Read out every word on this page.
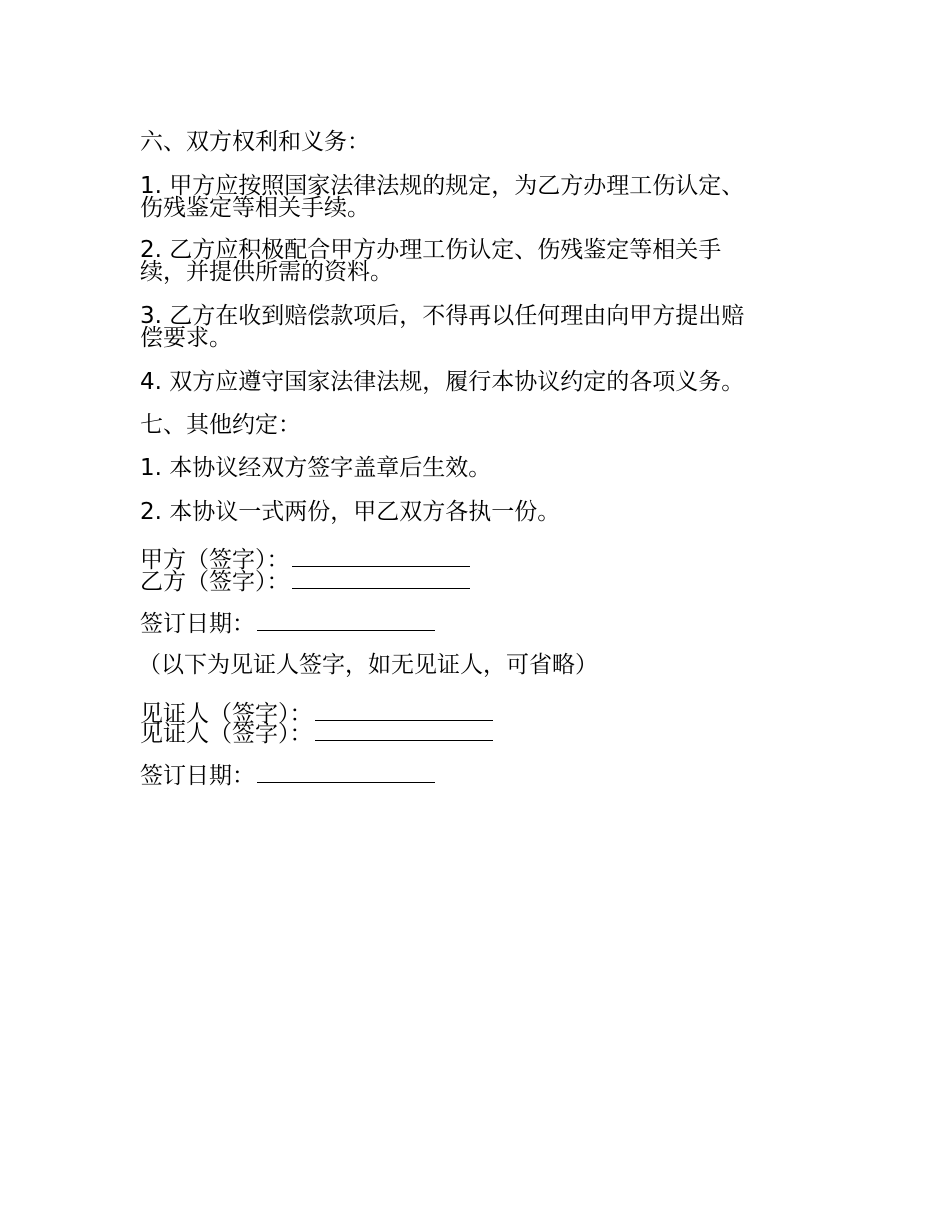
六、双方权利和义务：
1. 甲方应按照国家法律法规的规定，为乙方办理工伤认定、
伤残鉴定等相关手续。
2. 乙方应积极配合甲方办理工伤认定、伤残鉴定等相关手
续，并提供所需的资料。
3. 乙方在收到赔偿款项后，不得再以任何理由向甲方提出赔
偿要求。
4. 双方应遵守国家法律法规，履行本协议约定的各项义务。
七、其他约定：
1. 本协议经双方签字盖章后生效。
2. 本协议一式两份，甲乙双方各执一份。
甲方（签字）：
乙方（签字）：
签订日期：
（以下为见证人签字，如无见证人，可省略）
见证人（签字）：
见证人（签字）：
签订日期：
